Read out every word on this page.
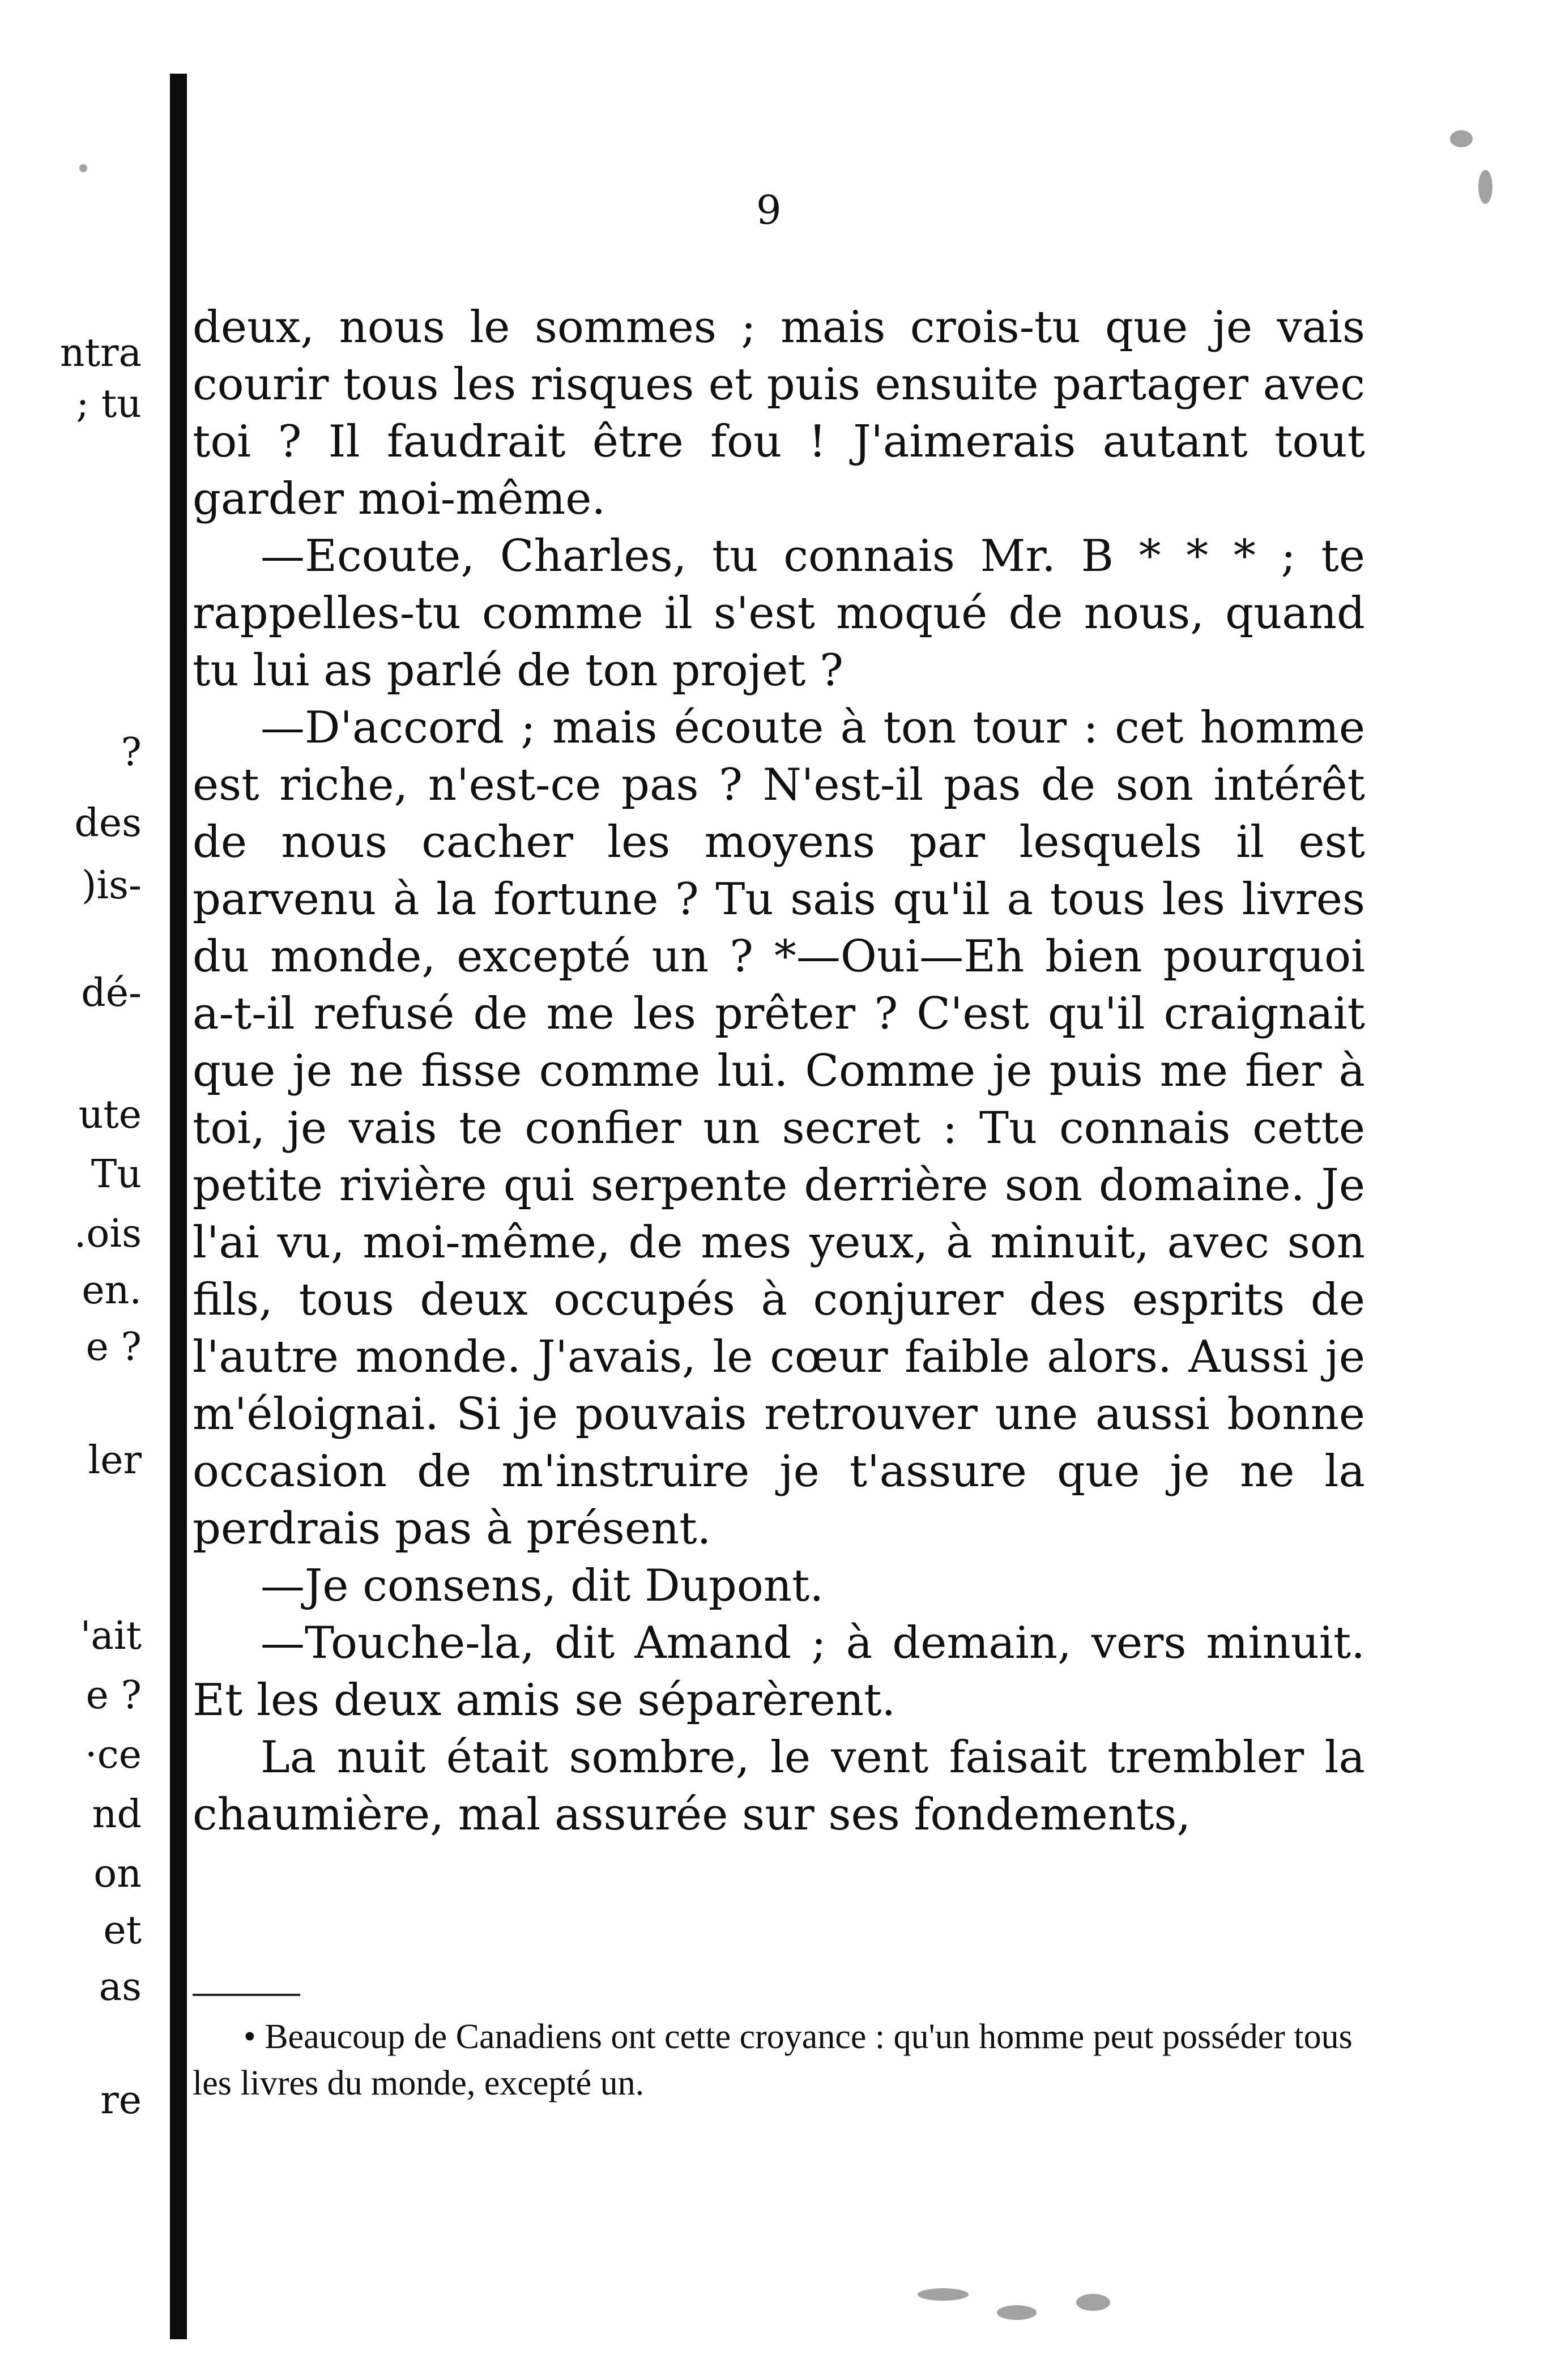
ntra
; tu
?
des
)is-
dé-
ute
Tu
.ois
en.
e ?
ler
'ait
e ?
·ce
nd
on
et
as
re
9

deux, nous le sommes ; mais crois-tu que je vais courir tous les risques et puis ensuite partager avec toi ? Il faudrait être fou ! J'aimerais autant tout garder moi-même.

—Ecoute, Charles, tu connais Mr. B * * * ; te rappelles-tu comme il s'est moqué de nous, quand tu lui as parlé de ton projet ?

—D'accord ; mais écoute à ton tour : cet homme est riche, n'est-ce pas ? N'est-il pas de son intérêt de nous cacher les moyens par lesquels il est parvenu à la fortune ? Tu sais qu'il a tous les livres du monde, excepté un ? *—Oui—Eh bien pourquoi a-t-il refusé de me les prêter ? C'est qu'il craignait que je ne fisse comme lui. Comme je puis me fier à toi, je vais te confier un secret : Tu connais cette petite rivière qui serpente derrière son domaine. Je l'ai vu, moi-même, de mes yeux, à minuit, avec son fils, tous deux occupés à conjurer des esprits de l'autre monde. J'avais, le cœur faible alors. Aussi je m'éloignai. Si je pouvais retrouver une aussi bonne occasion de m'instruire je t'assure que je ne la perdrais pas à présent.

—Je consens, dit Dupont.

—Touche-la, dit Amand ; à demain, vers minuit. Et les deux amis se séparèrent.

La nuit était sombre, le vent faisait trembler la chaumière, mal assurée sur ses fondements,

• Beaucoup de Canadiens ont cette croyance : qu'un homme peut posséder tous les livres du monde, excepté un.
